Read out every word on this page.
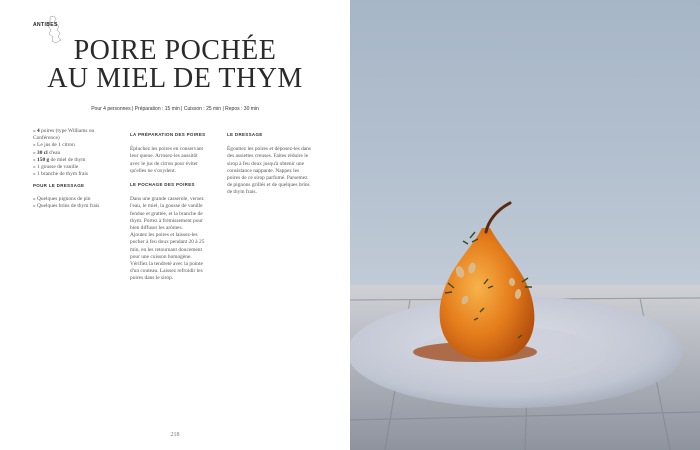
ANTIBES
POIRE POCHÉE
AU MIEL DE THYM
Pour 4 personnes | Préparation : 15 min | Cuisson : 25 min | Repos : 30 min
» 4 poires (type Williams ou Conférence)
» Le jus de 1 citron
» 30 cl d'eau
» 150 g de miel de thym
» 1 gousse de vanille
» 1 branche de thym frais
POUR LE DRESSAGE
» Quelques pignons de pin
» Quelques brins de thym frais
LA PRÉPARATION DES POIRES

Épluchez les poires en conservant leur queue. Arrosez-les aussitôt avec le jus de citron pour éviter qu'elles ne s'oxydent.

LE POCHAGE DES POIRES

Dans une grande casserole, versez l'eau, le miel, la gousse de vanille fendue et grattée, et la branche de thym. Portez à frémissement pour bien diffuser les arômes.

Ajoutez les poires et laissez-les pocher à feu doux pendant 20 à 25 min, en les retournant doucement pour une cuisson homogène. Vérifiez la tendreté avec la pointe d'un couteau. Laissez refroidir les poires dans le sirop.

LE DRESSAGE

Égouttez les poires et déposez-les dans des assiettes creuses. Faites réduire le sirop à feu doux jusqu'à obtenir une consistance nappante. Nappez les poires de ce sirop parfumé. Parsemez de pignons grillés et de quelques brins de thym frais.

218
